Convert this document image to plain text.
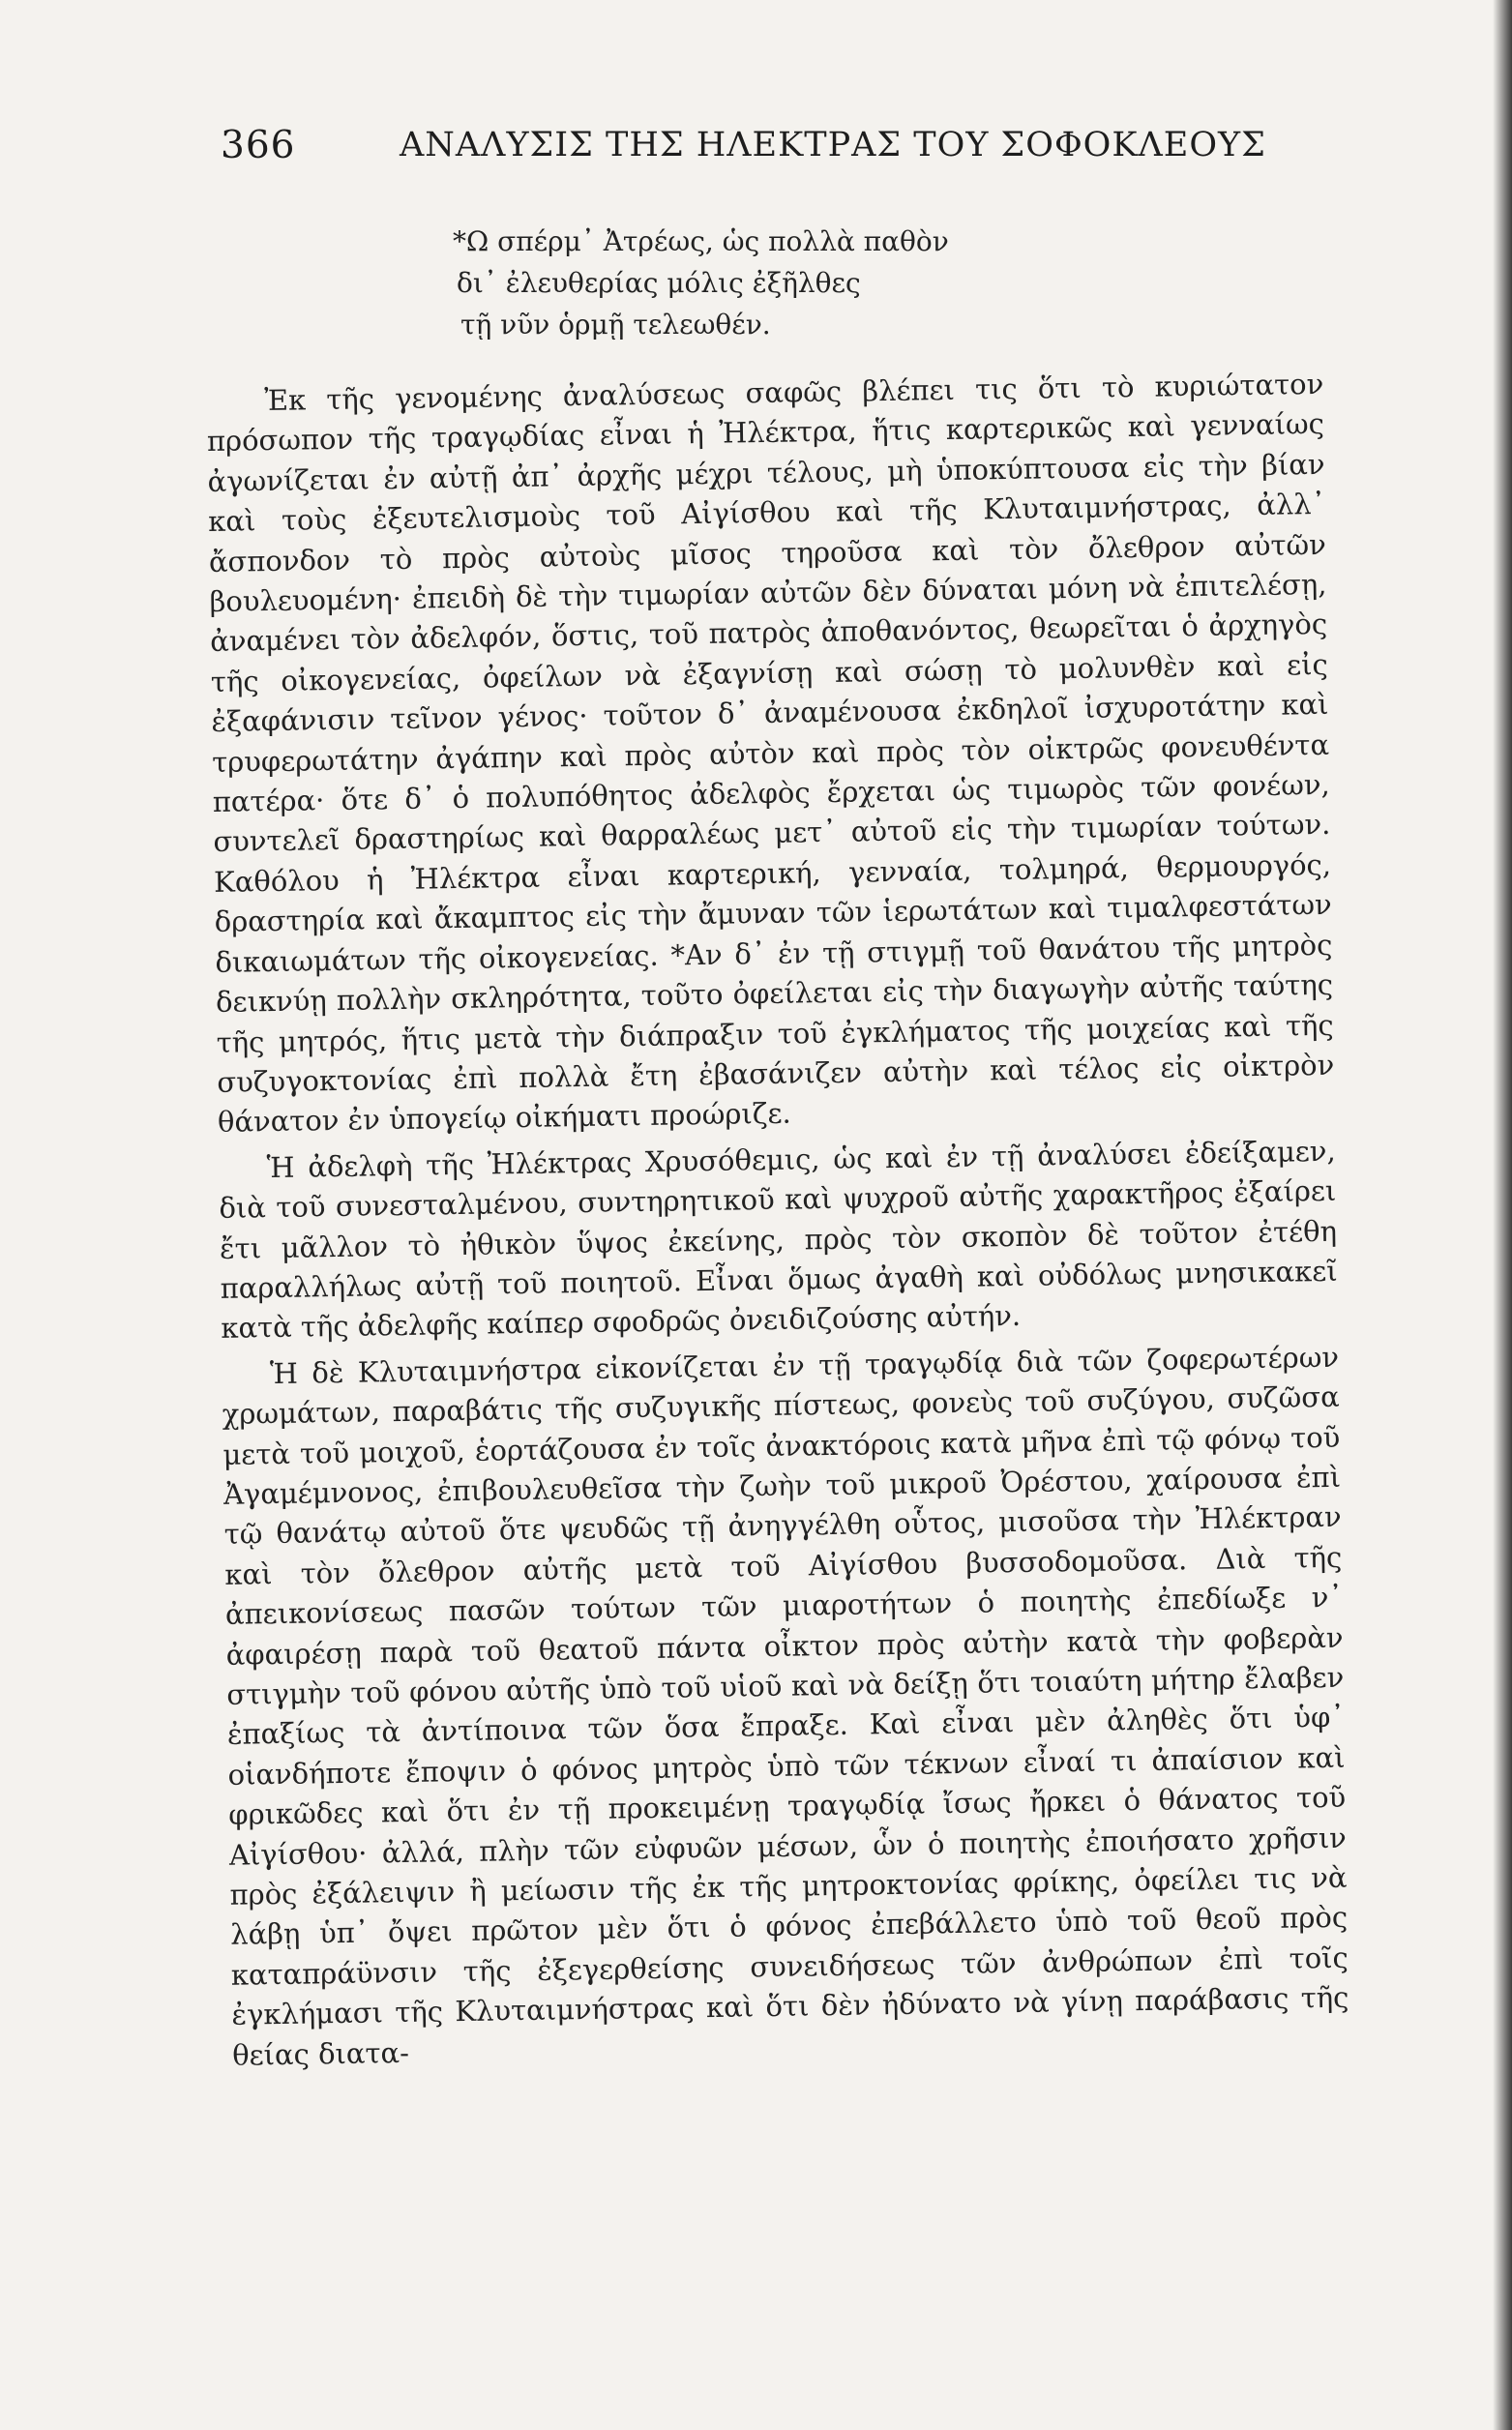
366	ΑΝΑΛΥΣΙΣ ΤΗΣ ΗΛΕΚΤΡΑΣ ΤΟΥ ΣΟΦΟΚΛΕΟΥΣ
*Ω σπέρμ᾿ Ἀτρέως, ὡς πολλὰ παθὸν
δι᾿ ἐλευθερίας μόλις ἐξῆλθες
τῇ νῦν ὁρμῇ τελεωθέν.

Ἐκ τῆς γενομένης ἀναλύσεως σαφῶς βλέπει τις ὅτι τὸ κυριώτατον πρόσωπον τῆς τραγῳδίας εἶναι ἡ Ἠλέκτρα, ἥτις καρτερικῶς καὶ γενναίως ἀγωνίζεται ἐν αὐτῇ ἀπ᾿ ἀρχῆς μέχρι τέλους, μὴ ὑποκύπτουσα εἰς τὴν βίαν καὶ τοὺς ἐξευτελισμοὺς τοῦ Αἰγίσθου καὶ τῆς Κλυταιμνήστρας, ἀλλ᾿ ἄσπονδον τὸ πρὸς αὐτοὺς μῖσος τηροῦσα καὶ τὸν ὄλεθρον αὐτῶν βουλευομένη· ἐπειδὴ δὲ τὴν τιμωρίαν αὐτῶν δὲν δύναται μόνη νὰ ἐπιτελέσῃ, ἀναμένει τὸν ἀδελφόν, ὅστις, τοῦ πατρὸς ἀποθανόντος, θεωρεῖται ὁ ἀρχηγὸς τῆς οἰκογενείας, ὀφείλων νὰ ἐξαγνίσῃ καὶ σώσῃ τὸ μολυνθὲν καὶ εἰς ἐξαφάνισιν τεῖνον γένος· τοῦτον δ᾿ ἀναμένουσα ἐκδηλοῖ ἰσχυροτάτην καὶ τρυφερωτάτην ἀγάπην καὶ πρὸς αὐτὸν καὶ πρὸς τὸν οἰκτρῶς φονευθέντα πατέρα· ὅτε δ᾿ ὁ πολυπόθητος ἀδελφὸς ἔρχεται ὡς τιμωρὸς τῶν φονέων, συντελεῖ δραστηρίως καὶ θαρραλέως μετ᾿ αὐτοῦ εἰς τὴν τιμωρίαν τούτων. Καθόλου ἡ Ἠλέκτρα εἶναι καρτερική, γενναία, τολμηρά, θερμουργός, δραστηρία καὶ ἄκαμπτος εἰς τὴν ἄμυναν τῶν ἱερωτάτων καὶ τιμαλφεστάτων δικαιωμάτων τῆς οἰκογενείας. *Αν δ᾿ ἐν τῇ στιγμῇ τοῦ θανάτου τῆς μητρὸς δεικνύῃ πολλὴν σκληρότητα, τοῦτο ὀφείλεται εἰς τὴν διαγωγὴν αὐτῆς ταύτης τῆς μητρός, ἥτις μετὰ τὴν διάπραξιν τοῦ ἐγκλήματος τῆς μοιχείας καὶ τῆς συζυγοκτονίας ἐπὶ πολλὰ ἔτη ἐβασάνιζεν αὐτὴν καὶ τέλος εἰς οἰκτρὸν θάνατον ἐν ὑπογείῳ οἰκήματι προώριζε.

Ἡ ἀδελφὴ τῆς Ἠλέκτρας Χρυσόθεμις, ὡς καὶ ἐν τῇ ἀναλύσει ἐδείξαμεν, διὰ τοῦ συνεσταλμένου, συντηρητικοῦ καὶ ψυχροῦ αὐτῆς χαρακτῆρος ἐξαίρει ἔτι μᾶλλον τὸ ἠθικὸν ὕψος ἐκείνης, πρὸς τὸν σκοπὸν δὲ τοῦτον ἐτέθη παραλλήλως αὐτῇ τοῦ ποιητοῦ. Εἶναι ὅμως ἀγαθὴ καὶ οὐδόλως μνησικακεῖ κατὰ τῆς ἀδελφῆς καίπερ σφοδρῶς ὀνειδιζούσης αὐτήν.

Ἡ δὲ Κλυταιμνήστρα εἰκονίζεται ἐν τῇ τραγῳδίᾳ διὰ τῶν ζοφερωτέρων χρωμάτων, παραβάτις τῆς συζυγικῆς πίστεως, φονεὺς τοῦ συζύγου, συζῶσα μετὰ τοῦ μοιχοῦ, ἑορτάζουσα ἐν τοῖς ἀνακτόροις κατὰ μῆνα ἐπὶ τῷ φόνῳ τοῦ Ἀγαμέμνονος, ἐπιβουλευθεῖσα τὴν ζωὴν τοῦ μικροῦ Ὀρέστου, χαίρουσα ἐπὶ τῷ θανάτῳ αὐτοῦ ὅτε ψευδῶς τῇ ἀνηγγέλθη οὗτος, μισοῦσα τὴν Ἠλέκτραν καὶ τὸν ὄλεθρον αὐτῆς μετὰ τοῦ Αἰγίσθου βυσσοδομοῦσα. Διὰ τῆς ἀπεικονίσεως πασῶν τούτων τῶν μιαροτήτων ὁ ποιητὴς ἐπεδίωξε ν᾿ ἀφαιρέσῃ παρὰ τοῦ θεατοῦ πάντα οἶκτον πρὸς αὐτὴν κατὰ τὴν φοβερὰν στιγμὴν τοῦ φόνου αὐτῆς ὑπὸ τοῦ υἱοῦ καὶ νὰ δείξῃ ὅτι τοιαύτη μήτηρ ἔλαβεν ἐπαξίως τὰ ἀντίποινα τῶν ὅσα ἔπραξε. Καὶ εἶναι μὲν ἀληθὲς ὅτι ὑφ᾿ οἱανδήποτε ἔποψιν ὁ φόνος μητρὸς ὑπὸ τῶν τέκνων εἶναί τι ἀπαίσιον καὶ φρικῶδες καὶ ὅτι ἐν τῇ προκειμένῃ τραγῳδίᾳ ἴσως ἤρκει ὁ θάνατος τοῦ Αἰγίσθου· ἀλλά, πλὴν τῶν εὐφυῶν μέσων, ὧν ὁ ποιητὴς ἐποιήσατο χρῆσιν πρὸς ἐξάλειψιν ἢ μείωσιν τῆς ἐκ τῆς μητροκτονίας φρίκης, ὀφείλει τις νὰ λάβῃ ὑπ᾿ ὄψει πρῶτον μὲν ὅτι ὁ φόνος ἐπεβάλλετο ὑπὸ τοῦ θεοῦ πρὸς καταπράϋνσιν τῆς ἐξεγερθείσης συνειδήσεως τῶν ἀνθρώπων ἐπὶ τοῖς ἐγκλήμασι τῆς Κλυταιμνήστρας καὶ ὅτι δὲν ἠδύνατο νὰ γίνῃ παράβασις τῆς θείας διατα-
